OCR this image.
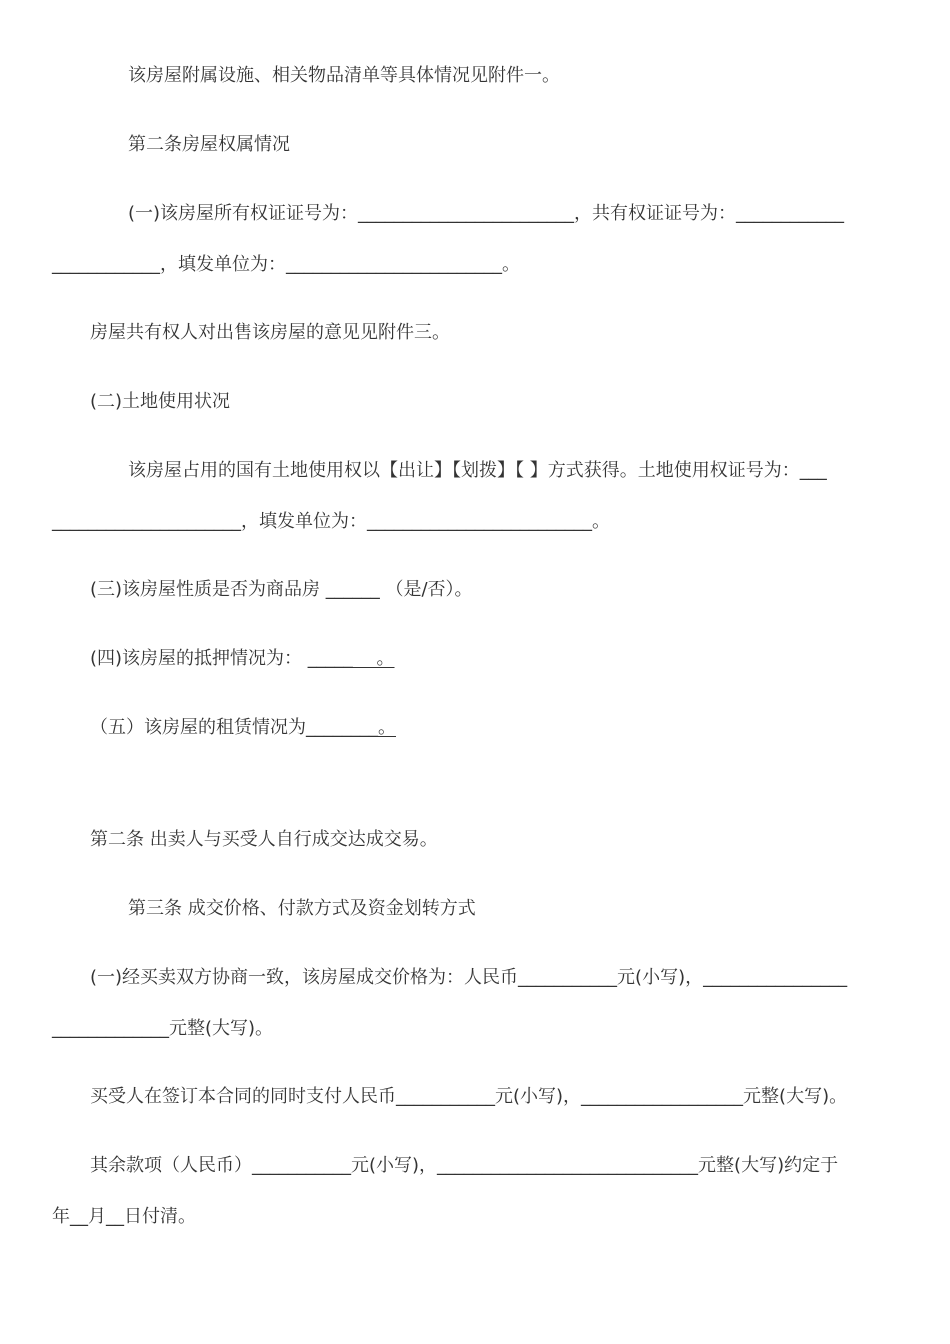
该房屋附属设施、相关物品清单等具体情况见附件一。
第二条房屋权属情况
(一)该房屋所有权证证号为：________________________，共有权证证号为：____________
____________，填发单位为：________________________。
房屋共有权人对出售该房屋的意见见附件三。
(二)土地使用状况
该房屋占用的国有土地使用权以【出让】【划拨】【 】方式获得。土地使用权证号为：___
_____________________，填发单位为：_________________________。
(三)该房屋性质是否为商品房 ______ （是/否）。
(四)该房屋的抵押情况为： _____　 。
（五）该房屋的租赁情况为________。
第二条 出卖人与买受人自行成交达成交易。
第三条 成交价格、付款方式及资金划转方式
(一)经买卖双方协商一致，该房屋成交价格为：人民币___________元(小写)，________________
_____________元整(大写)。
买受人在签订本合同的同时支付人民币___________元(小写)，__________________元整(大写)。
其余款项（人民币）___________元(小写)，_____________________________元整(大写)约定于
年__月__日付清。
